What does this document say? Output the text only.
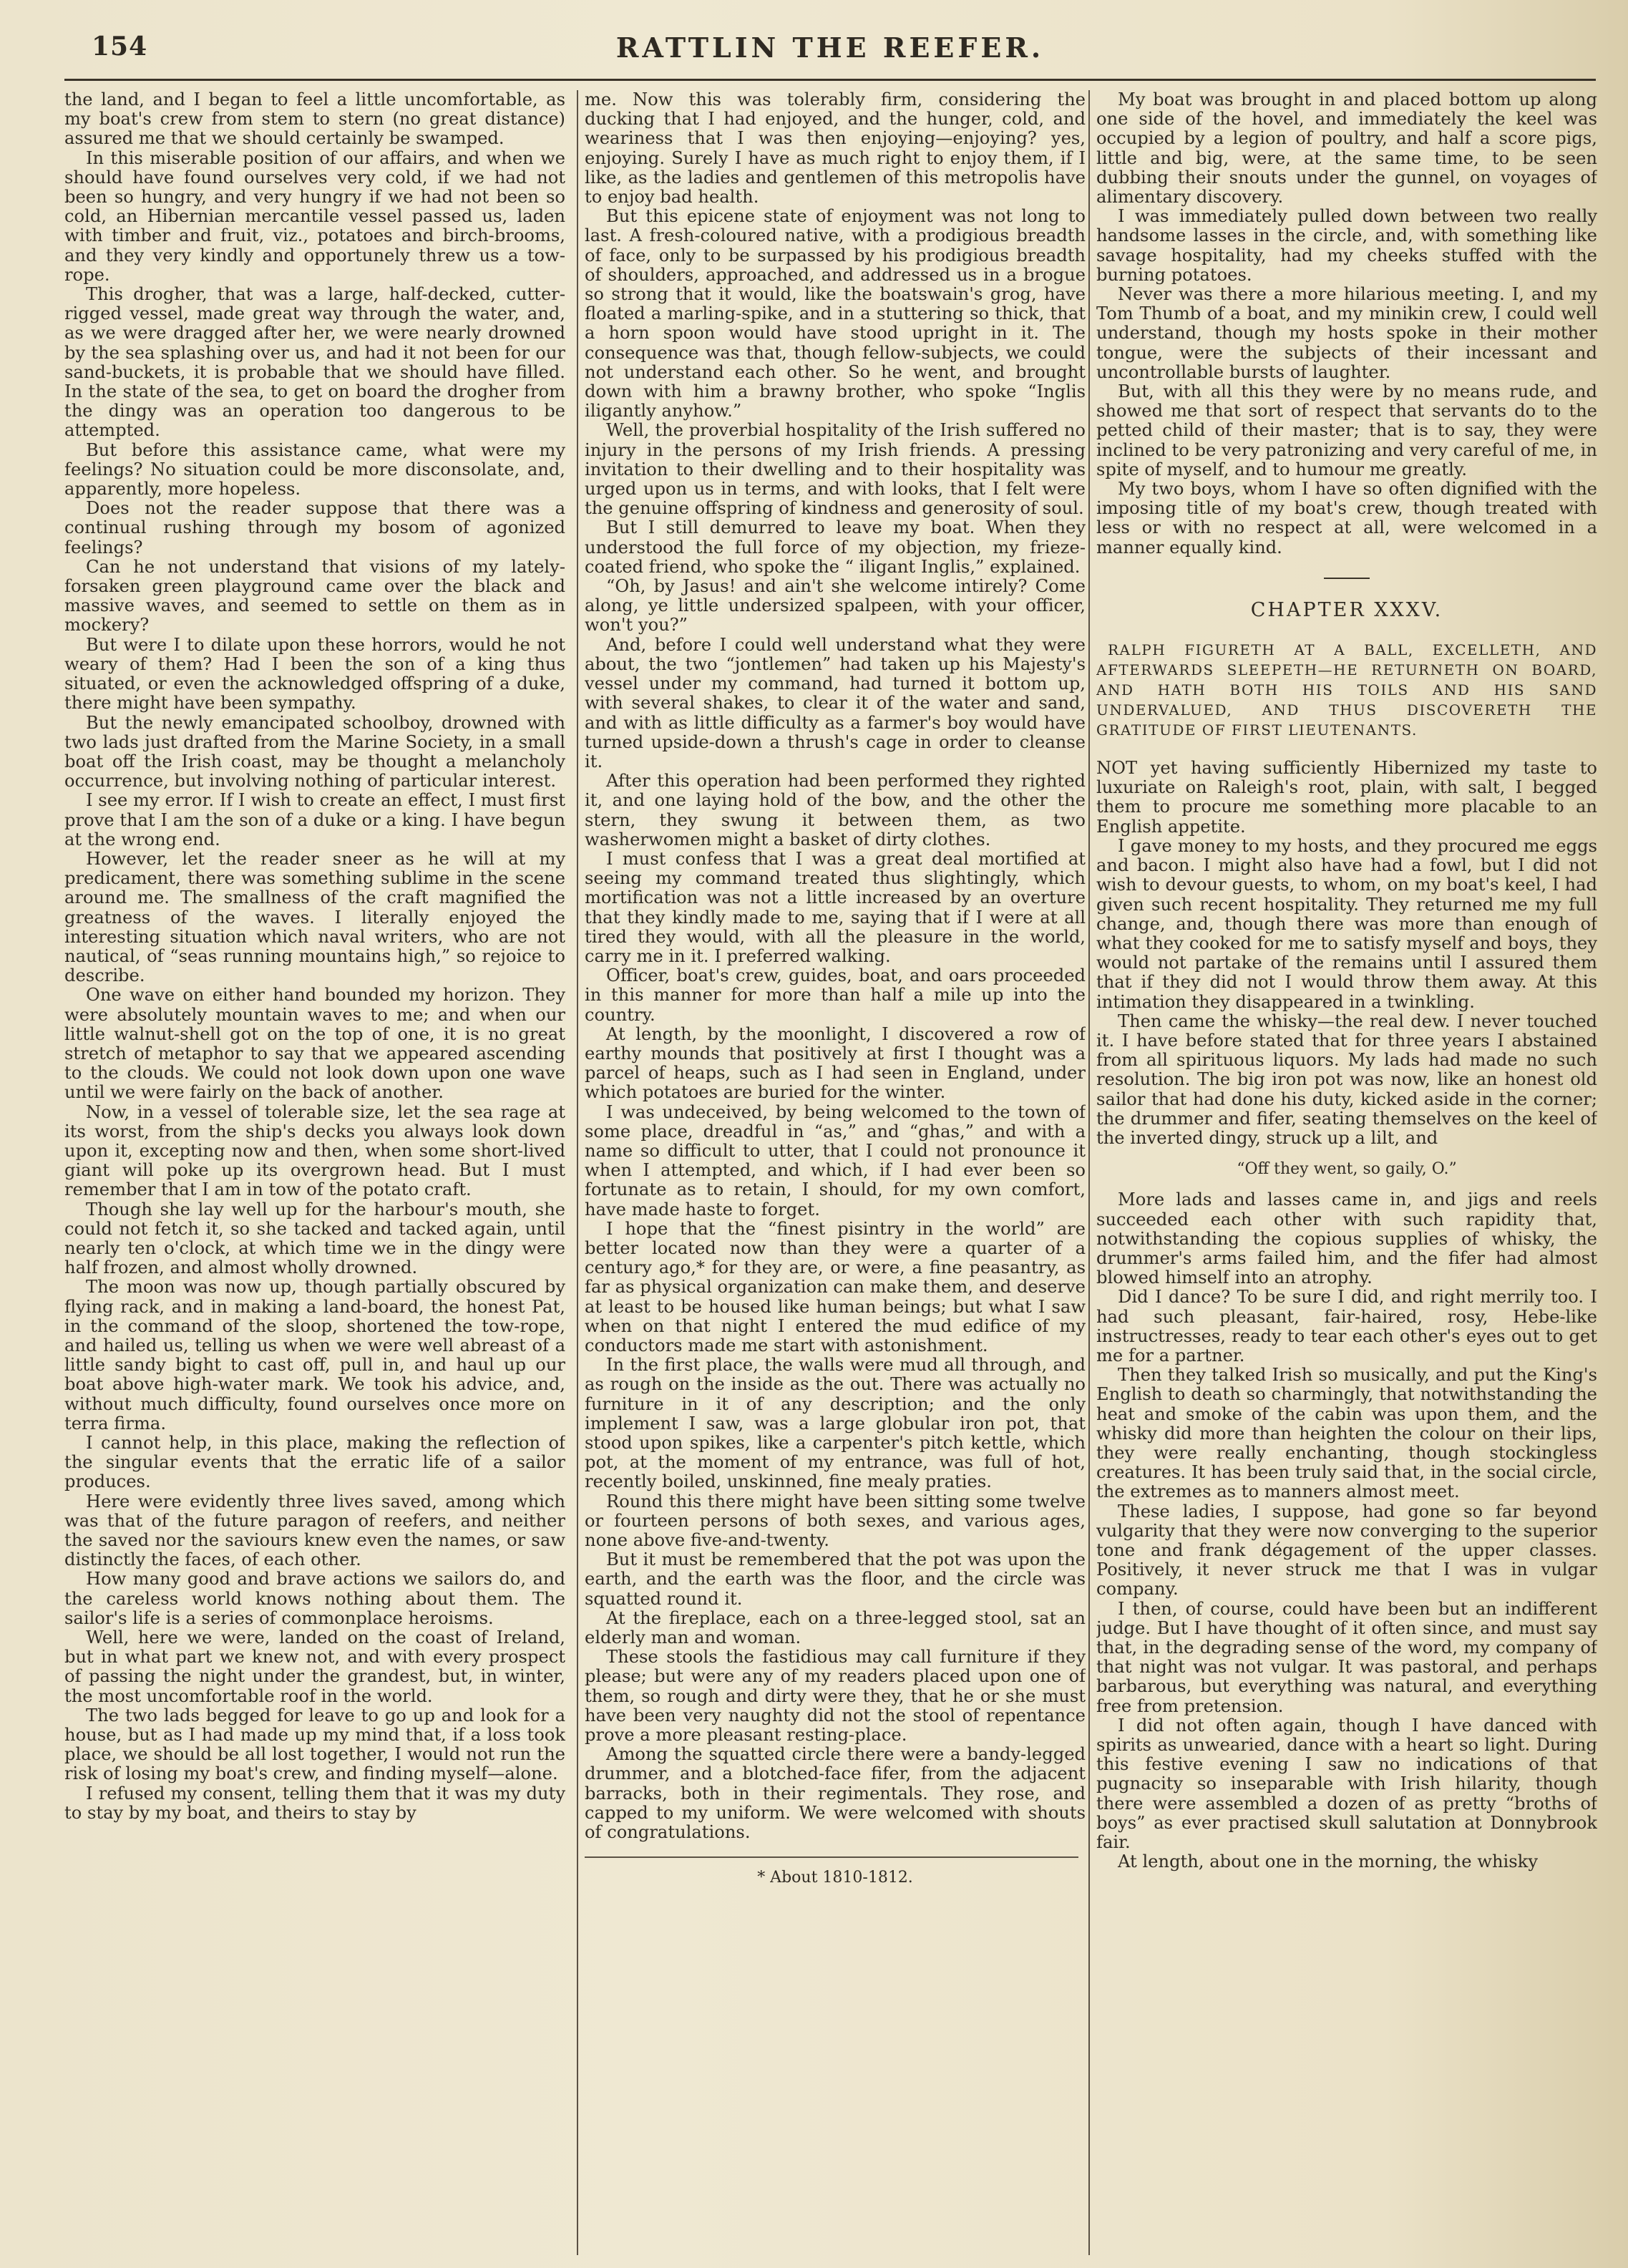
154	RATTLIN THE REEFER.

the land, and I began to feel a little uncomfortable, as my boat's crew from stem to stern (no great distance) assured me that we should certainly be swamped.

In this miserable position of our affairs, and when we should have found ourselves very cold, if we had not been so hungry, and very hungry if we had not been so cold, an Hibernian mercantile vessel passed us, laden with timber and fruit, viz., potatoes and birch-brooms, and they very kindly and opportunely threw us a tow-rope.

This drogher, that was a large, half-decked, cutter-rigged vessel, made great way through the water, and, as we were dragged after her, we were nearly drowned by the sea splashing over us, and had it not been for our sand-buckets, it is probable that we should have filled. In the state of the sea, to get on board the drogher from the dingy was an operation too dangerous to be attempted.

But before this assistance came, what were my feelings? No situation could be more disconsolate, and, apparently, more hopeless.

Does not the reader suppose that there was a continual rushing through my bosom of agonized feelings?

Can he not understand that visions of my lately-forsaken green playground came over the black and massive waves, and seemed to settle on them as in mockery?

But were I to dilate upon these horrors, would he not weary of them? Had I been the son of a king thus situated, or even the acknowledged offspring of a duke, there might have been sympathy.

But the newly emancipated schoolboy, drowned with two lads just drafted from the Marine Society, in a small boat off the Irish coast, may be thought a melancholy occurrence, but involving nothing of particular interest.

I see my error. If I wish to create an effect, I must first prove that I am the son of a duke or a king. I have begun at the wrong end.

However, let the reader sneer as he will at my predicament, there was something sublime in the scene around me. The smallness of the craft magnified the greatness of the waves. I literally enjoyed the interesting situation which naval writers, who are not nautical, of “seas running mountains high,” so rejoice to describe.

One wave on either hand bounded my horizon. They were absolutely mountain waves to me; and when our little walnut-shell got on the top of one, it is no great stretch of metaphor to say that we appeared ascending to the clouds. We could not look down upon one wave until we were fairly on the back of another.

Now, in a vessel of tolerable size, let the sea rage at its worst, from the ship's decks you always look down upon it, excepting now and then, when some short-lived giant will poke up its overgrown head. But I must remember that I am in tow of the potato craft.

Though she lay well up for the harbour's mouth, she could not fetch it, so she tacked and tacked again, until nearly ten o'clock, at which time we in the dingy were half frozen, and almost wholly drowned.

The moon was now up, though partially obscured by flying rack, and in making a land-board, the honest Pat, in the command of the sloop, shortened the tow-rope, and hailed us, telling us when we were well abreast of a little sandy bight to cast off, pull in, and haul up our boat above high-water mark. We took his advice, and, without much difficulty, found ourselves once more on terra firma.

I cannot help, in this place, making the reflection of the singular events that the erratic life of a sailor produces.

Here were evidently three lives saved, among which was that of the future paragon of reefers, and neither the saved nor the saviours knew even the names, or saw distinctly the faces, of each other.

How many good and brave actions we sailors do, and the careless world knows nothing about them. The sailor's life is a series of commonplace heroisms.

Well, here we were, landed on the coast of Ireland, but in what part we knew not, and with every prospect of passing the night under the grandest, but, in winter, the most uncomfortable roof in the world.

The two lads begged for leave to go up and look for a house, but as I had made up my mind that, if a loss took place, we should be all lost together, I would not run the risk of losing my boat's crew, and finding myself—alone.

I refused my consent, telling them that it was my duty to stay by my boat, and theirs to stay by

me. Now this was tolerably firm, considering the ducking that I had enjoyed, and the hunger, cold, and weariness that I was then enjoying—enjoying? yes, enjoying. Surely I have as much right to enjoy them, if I like, as the ladies and gentlemen of this metropolis have to enjoy bad health.

But this epicene state of enjoyment was not long to last. A fresh-coloured native, with a prodigious breadth of face, only to be surpassed by his prodigious breadth of shoulders, approached, and addressed us in a brogue so strong that it would, like the boatswain's grog, have floated a marling-spike, and in a stuttering so thick, that a horn spoon would have stood upright in it. The consequence was that, though fellow-subjects, we could not understand each other. So he went, and brought down with him a brawny brother, who spoke “Inglis iligantly anyhow.”

Well, the proverbial hospitality of the Irish suffered no injury in the persons of my Irish friends. A pressing invitation to their dwelling and to their hospitality was urged upon us in terms, and with looks, that I felt were the genuine offspring of kindness and generosity of soul.

But I still demurred to leave my boat. When they understood the full force of my objection, my frieze-coated friend, who spoke the “ iligant Inglis,” explained.

“Oh, by Jasus! and ain't she welcome intirely? Come along, ye little undersized spalpeen, with your officer, won't you?”

And, before I could well understand what they were about, the two “jontlemen” had taken up his Majesty's vessel under my command, had turned it bottom up, with several shakes, to clear it of the water and sand, and with as little difficulty as a farmer's boy would have turned upside-down a thrush's cage in order to cleanse it.

After this operation had been performed they righted it, and one laying hold of the bow, and the other the stern, they swung it between them, as two washerwomen might a basket of dirty clothes.

I must confess that I was a great deal mortified at seeing my command treated thus slightingly, which mortification was not a little increased by an overture that they kindly made to me, saying that if I were at all tired they would, with all the pleasure in the world, carry me in it. I preferred walking.

Officer, boat's crew, guides, boat, and oars proceeded in this manner for more than half a mile up into the country.

At length, by the moonlight, I discovered a row of earthy mounds that positively at first I thought was a parcel of heaps, such as I had seen in England, under which potatoes are buried for the winter.

I was undeceived, by being welcomed to the town of some place, dreadful in “as,” and “ghas,” and with a name so difficult to utter, that I could not pronounce it when I attempted, and which, if I had ever been so fortunate as to retain, I should, for my own comfort, have made haste to forget.

I hope that the “finest pisintry in the world” are better located now than they were a quarter of a century ago,* for they are, or were, a fine peasantry, as far as physical organization can make them, and deserve at least to be housed like human beings; but what I saw when on that night I entered the mud edifice of my conductors made me start with astonishment.

In the first place, the walls were mud all through, and as rough on the inside as the out. There was actually no furniture in it of any description; and the only implement I saw, was a large globular iron pot, that stood upon spikes, like a carpenter's pitch kettle, which pot, at the moment of my entrance, was full of hot, recently boiled, unskinned, fine mealy praties.

Round this there might have been sitting some twelve or fourteen persons of both sexes, and various ages, none above five-and-twenty.

But it must be remembered that the pot was upon the earth, and the earth was the floor, and the circle was squatted round it.

At the fireplace, each on a three-legged stool, sat an elderly man and woman.

These stools the fastidious may call furniture if they please; but were any of my readers placed upon one of them, so rough and dirty were they, that he or she must have been very naughty did not the stool of repentance prove a more pleasant resting-place.

Among the squatted circle there were a bandy-legged drummer, and a blotched-face fifer, from the adjacent barracks, both in their regimentals. They rose, and capped to my uniform. We were welcomed with shouts of congratulations.

* About 1810-1812.

My boat was brought in and placed bottom up along one side of the hovel, and immediately the keel was occupied by a legion of poultry, and half a score pigs, little and big, were, at the same time, to be seen dubbing their snouts under the gunnel, on voyages of alimentary discovery.

I was immediately pulled down between two really handsome lasses in the circle, and, with something like savage hospitality, had my cheeks stuffed with the burning potatoes.

Never was there a more hilarious meeting. I, and my Tom Thumb of a boat, and my minikin crew, I could well understand, though my hosts spoke in their mother tongue, were the subjects of their incessant and uncontrollable bursts of laughter.

But, with all this they were by no means rude, and showed me that sort of respect that servants do to the petted child of their master; that is to say, they were inclined to be very patronizing and very careful of me, in spite of myself, and to humour me greatly.

My two boys, whom I have so often dignified with the imposing title of my boat's crew, though treated with less or with no respect at all, were welcomed in a manner equally kind.

CHAPTER XXXV.

RALPH FIGURETH AT A BALL, EXCELLETH, AND AFTERWARDS SLEEPETH—HE RETURNETH ON BOARD, AND HATH BOTH HIS TOILS AND HIS SAND UNDERVALUED, AND THUS DISCOVERETH THE GRATITUDE OF FIRST LIEUTENANTS.

NOT yet having sufficiently Hibernized my taste to luxuriate on Raleigh's root, plain, with salt, I begged them to procure me something more placable to an English appetite.

I gave money to my hosts, and they procured me eggs and bacon. I might also have had a fowl, but I did not wish to devour guests, to whom, on my boat's keel, I had given such recent hospitality. They returned me my full change, and, though there was more than enough of what they cooked for me to satisfy myself and boys, they would not partake of the remains until I assured them that if they did not I would throw them away. At this intimation they disappeared in a twinkling.

Then came the whisky—the real dew. I never touched it. I have before stated that for three years I abstained from all spirituous liquors. My lads had made no such resolution. The big iron pot was now, like an honest old sailor that had done his duty, kicked aside in the corner; the drummer and fifer, seating themselves on the keel of the inverted dingy, struck up a lilt, and

“Off they went, so gaily, O.”

More lads and lasses came in, and jigs and reels succeeded each other with such rapidity that, notwithstanding the copious supplies of whisky, the drummer's arms failed him, and the fifer had almost blowed himself into an atrophy.

Did I dance? To be sure I did, and right merrily too. I had such pleasant, fair-haired, rosy, Hebe-like instructresses, ready to tear each other's eyes out to get me for a partner.

Then they talked Irish so musically, and put the King's English to death so charmingly, that notwithstanding the heat and smoke of the cabin was upon them, and the whisky did more than heighten the colour on their lips, they were really enchanting, though stockingless creatures. It has been truly said that, in the social circle, the extremes as to manners almost meet.

These ladies, I suppose, had gone so far beyond vulgarity that they were now converging to the superior tone and frank dégagement of the upper classes. Positively, it never struck me that I was in vulgar company.

I then, of course, could have been but an indifferent judge. But I have thought of it often since, and must say that, in the degrading sense of the word, my company of that night was not vulgar. It was pastoral, and perhaps barbarous, but everything was natural, and everything free from pretension.

I did not often again, though I have danced with spirits as unwearied, dance with a heart so light. During this festive evening I saw no indications of that pugnacity so inseparable with Irish hilarity, though there were assembled a dozen of as pretty “broths of boys” as ever practised skull salutation at Donnybrook fair.

At length, about one in the morning, the whisky
